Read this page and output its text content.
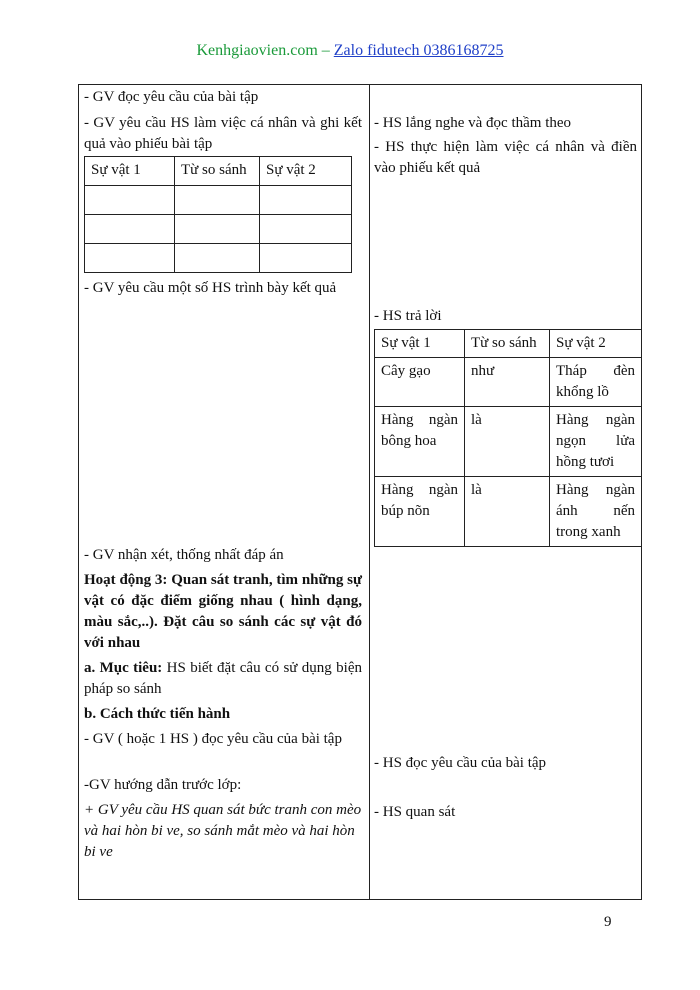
Kenhgiaovien.com – Zalo fidutech 0386168725

- GV đọc yêu cầu của bài tập

- GV yêu cầu HS làm việc cá nhân và ghi kết quả vào phiếu bài tập

Sự vật 1	Từ so sánh	Sự vật 2

- GV yêu cầu một số HS trình bày kết quả

- GV nhận xét, thống nhất đáp án

Hoạt động 3: Quan sát tranh, tìm những sự vật có đặc điểm giống nhau ( hình dạng, màu sắc,..). Đặt câu so sánh các sự vật đó với nhau

a. Mục tiêu: HS biết đặt câu có sử dụng biện pháp so sánh

b. Cách thức tiến hành

- GV ( hoặc 1 HS ) đọc yêu cầu của bài tập

-GV hướng dẫn trước lớp:

+ GV yêu cầu HS quan sát bức tranh con mèo và hai hòn bi ve, so sánh mắt mèo và hai hòn bi ve

- HS lắng nghe và đọc thầm theo

- HS thực hiện làm việc cá nhân và điền vào phiếu kết quả

- HS trả lời

Sự vật 1	Từ so sánh	Sự vật 2
Cây gạo	như	Tháp đèn khổng lồ
Hàng ngàn bông hoa	là	Hàng ngàn ngọn lửa hồng tươi
Hàng ngàn búp nõn	là	Hàng ngàn ánh nến trong xanh

- HS đọc yêu cầu của bài tập

- HS quan sát

9
